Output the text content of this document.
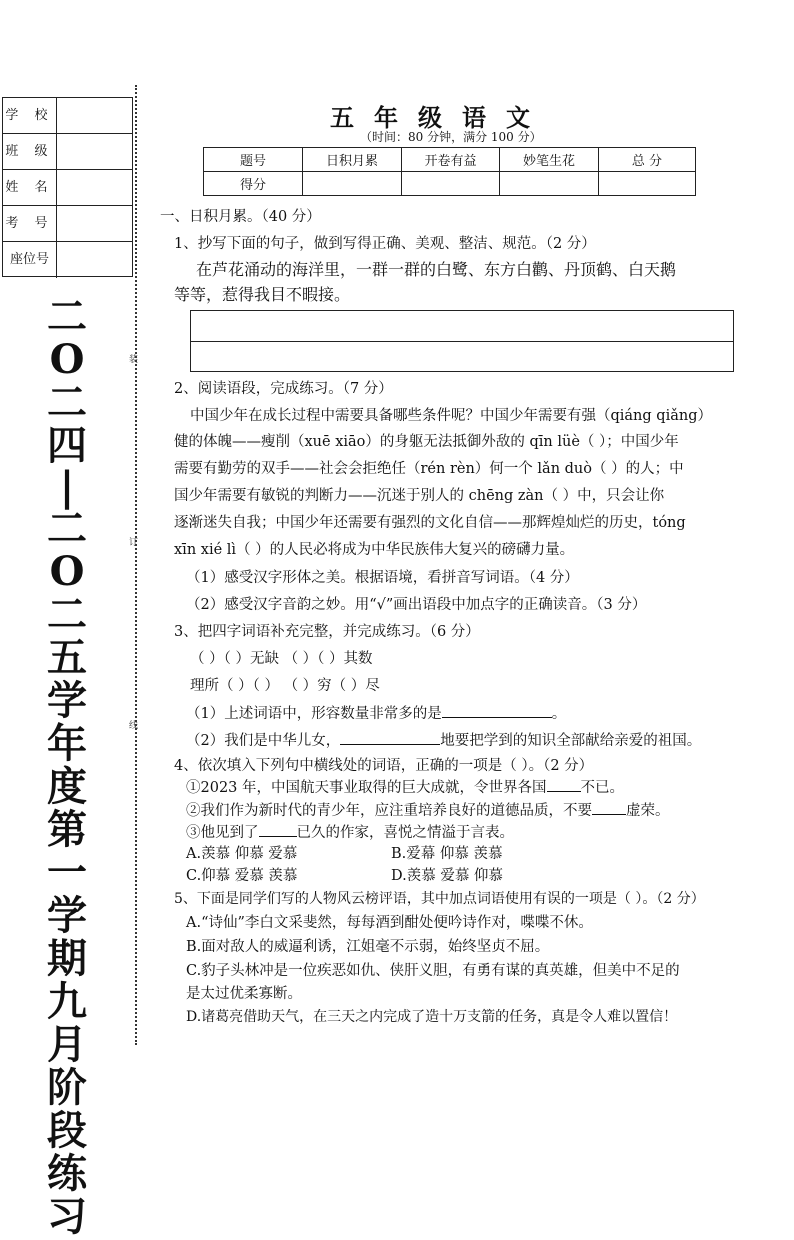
学 校
班 级
姓 名
考 号
座位号
二
O
二
四
|
二
O
二
五
学
年
度
第
一
学
期
九
月
阶
段
练
习
装
订
线
五年级语文
（时间：80 分钟，满分 100 分）
题号	日积月累	开卷有益	妙笔生花	总 分
得分				
一、日积月累。（40 分）
1、抄写下面的句子，做到写得正确、美观、整洁、规范。（2 分）
在芦花涌动的海洋里，一群一群的白鹭、东方白鹳、丹顶鹤、白天鹅
等等，惹得我目不暇接。
2、阅读语段，完成练习。（7 分）
中国少年在成长过程中需要具备哪些条件呢？中国少年需要有强（qiáng qiǎng）
健的体魄——瘦削（xuē xiāo）的身躯无法抵御外敌的 qīn lüè（ ）；中国少年
需要有勤劳的双手——社会会拒绝任（rén rèn）何一个 lǎn duò（ ）的人；中
国少年需要有敏锐的判断力——沉迷于别人的 chēng zàn（ ）中，只会让你
逐渐迷失自我；中国少年还需要有强烈的文化自信——那辉煌灿烂的历史，tóng
xīn xié lì（ ）的人民必将成为中华民族伟大复兴的磅礴力量。
（1）感受汉字形体之美。根据语境，看拼音写词语。（4 分）
（2）感受汉字音韵之妙。用“√”画出语段中加点字的正确读音。（3 分）
3、把四字词语补充完整，并完成练习。（6 分）
（ ）（ ）无缺 （ ）（ ）其数
理所（ ）（ ） （ ）穷（ ）尽
（1）上述词语中，形容数量非常多的是	。
（2）我们是中华儿女，	地要把学到的知识全部献给亲爱的祖国。
4、依次填入下列句中横线处的词语，正确的一项是（ ）。（2 分）
①2023 年，中国航天事业取得的巨大成就，令世界各国 不已。
②我们作为新时代的青少年，应注重培养良好的道德品质，不要 虚荣。
③他见到了	已久的作家，喜悦之情溢于言表。
A.羡慕 仰慕 爱慕	B.爱幕 仰慕 羡慕
C.仰慕 爱慕 羡慕	D.羡慕 爱慕 仰慕
5、下面是同学们写的人物风云榜评语，其中加点词语使用有误的一项是（ ）。（2 分）
A.“诗仙”李白文采斐然，每每酒到酣处便吟诗作对，喋喋不休。
B.面对敌人的威逼利诱，江姐毫不示弱，始终坚贞不屈。
C.豹子头林冲是一位疾恶如仇、侠肝义胆，有勇有谋的真英雄，但美中不足的
是太过优柔寡断。
D.诸葛亮借助天气，在三天之内完成了造十万支箭的任务，真是令人难以置信！
